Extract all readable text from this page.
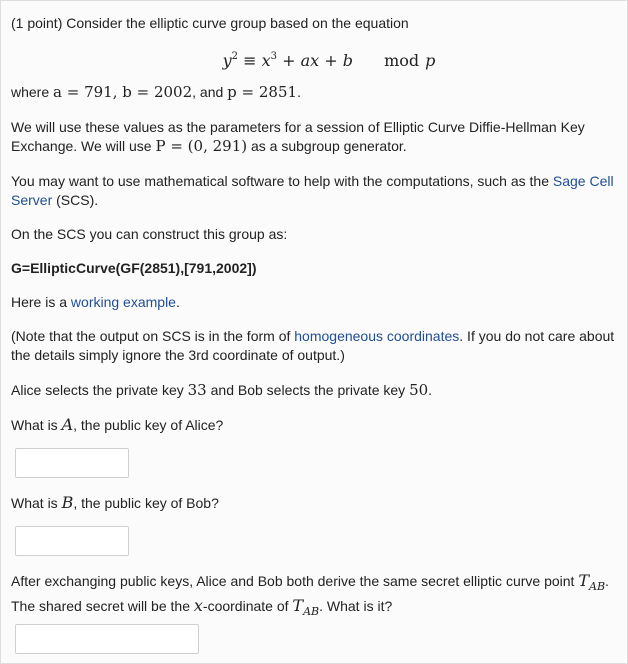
(1 point) Consider the elliptic curve group based on the equation
$y^2 \equiv x^3$ + ax + b mod p
where a = 791, b = 2002, and p = 2851.
We will use these values as the parameters for a session of Elliptic Curve Diffie-Hellman Key Exchange. We will use P = (0, 291) as a subgroup generator.
You may want to use mathematical software to help with the computations, such as the Sage Cell Server (SCS).
On the SCS you can construct this group as:
G=EllipticCurve(GF(2851),[791,2002])
Here is a working example.
(Note that the output on SCS is in the form of homogeneous coordinates. If you do not care about the details simply ignore the 3rd coordinate of output.)
Alice selects the private key 33 and Bob selects the private key 50.
What is A, the public key of Alice?
What is B, the public key of Bob?
After exchanging public keys, Alice and Bob both derive the same secret elliptic curve point $T_{AB}$. The shared secret will be the x-coordinate of $T_{AB}$. What is it?
